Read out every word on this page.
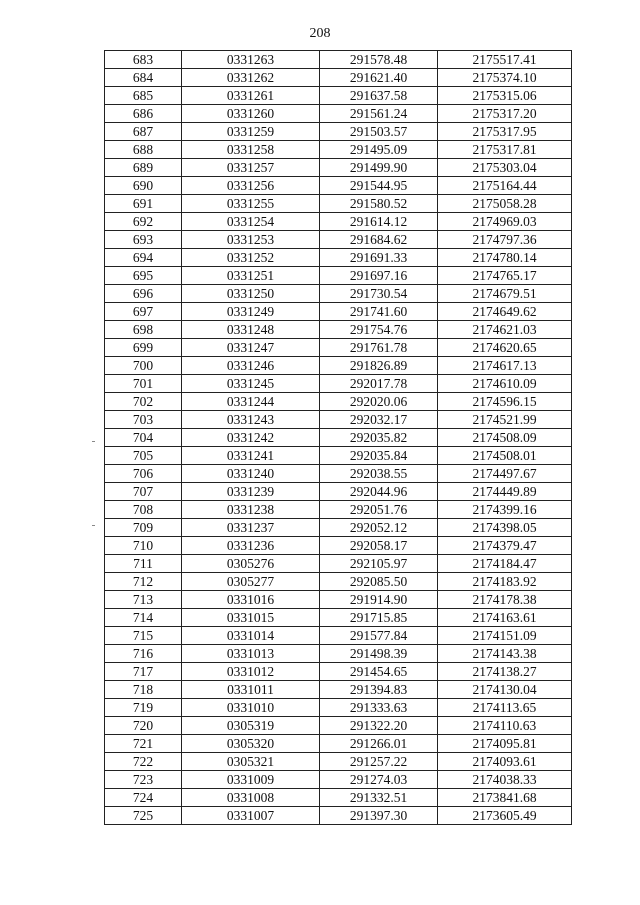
208
683	0331263	291578.48	2175517.41
684	0331262	291621.40	2175374.10
685	0331261	291637.58	2175315.06
686	0331260	291561.24	2175317.20
687	0331259	291503.57	2175317.95
688	0331258	291495.09	2175317.81
689	0331257	291499.90	2175303.04
690	0331256	291544.95	2175164.44
691	0331255	291580.52	2175058.28
692	0331254	291614.12	2174969.03
693	0331253	291684.62	2174797.36
694	0331252	291691.33	2174780.14
695	0331251	291697.16	2174765.17
696	0331250	291730.54	2174679.51
697	0331249	291741.60	2174649.62
698	0331248	291754.76	2174621.03
699	0331247	291761.78	2174620.65
700	0331246	291826.89	2174617.13
701	0331245	292017.78	2174610.09
702	0331244	292020.06	2174596.15
703	0331243	292032.17	2174521.99
704	0331242	292035.82	2174508.09
705	0331241	292035.84	2174508.01
706	0331240	292038.55	2174497.67
707	0331239	292044.96	2174449.89
708	0331238	292051.76	2174399.16
709	0331237	292052.12	2174398.05
710	0331236	292058.17	2174379.47
711	0305276	292105.97	2174184.47
712	0305277	292085.50	2174183.92
713	0331016	291914.90	2174178.38
714	0331015	291715.85	2174163.61
715	0331014	291577.84	2174151.09
716	0331013	291498.39	2174143.38
717	0331012	291454.65	2174138.27
718	0331011	291394.83	2174130.04
719	0331010	291333.63	2174113.65
720	0305319	291322.20	2174110.63
721	0305320	291266.01	2174095.81
722	0305321	291257.22	2174093.61
723	0331009	291274.03	2174038.33
724	0331008	291332.51	2173841.68
725	0331007	291397.30	2173605.49
